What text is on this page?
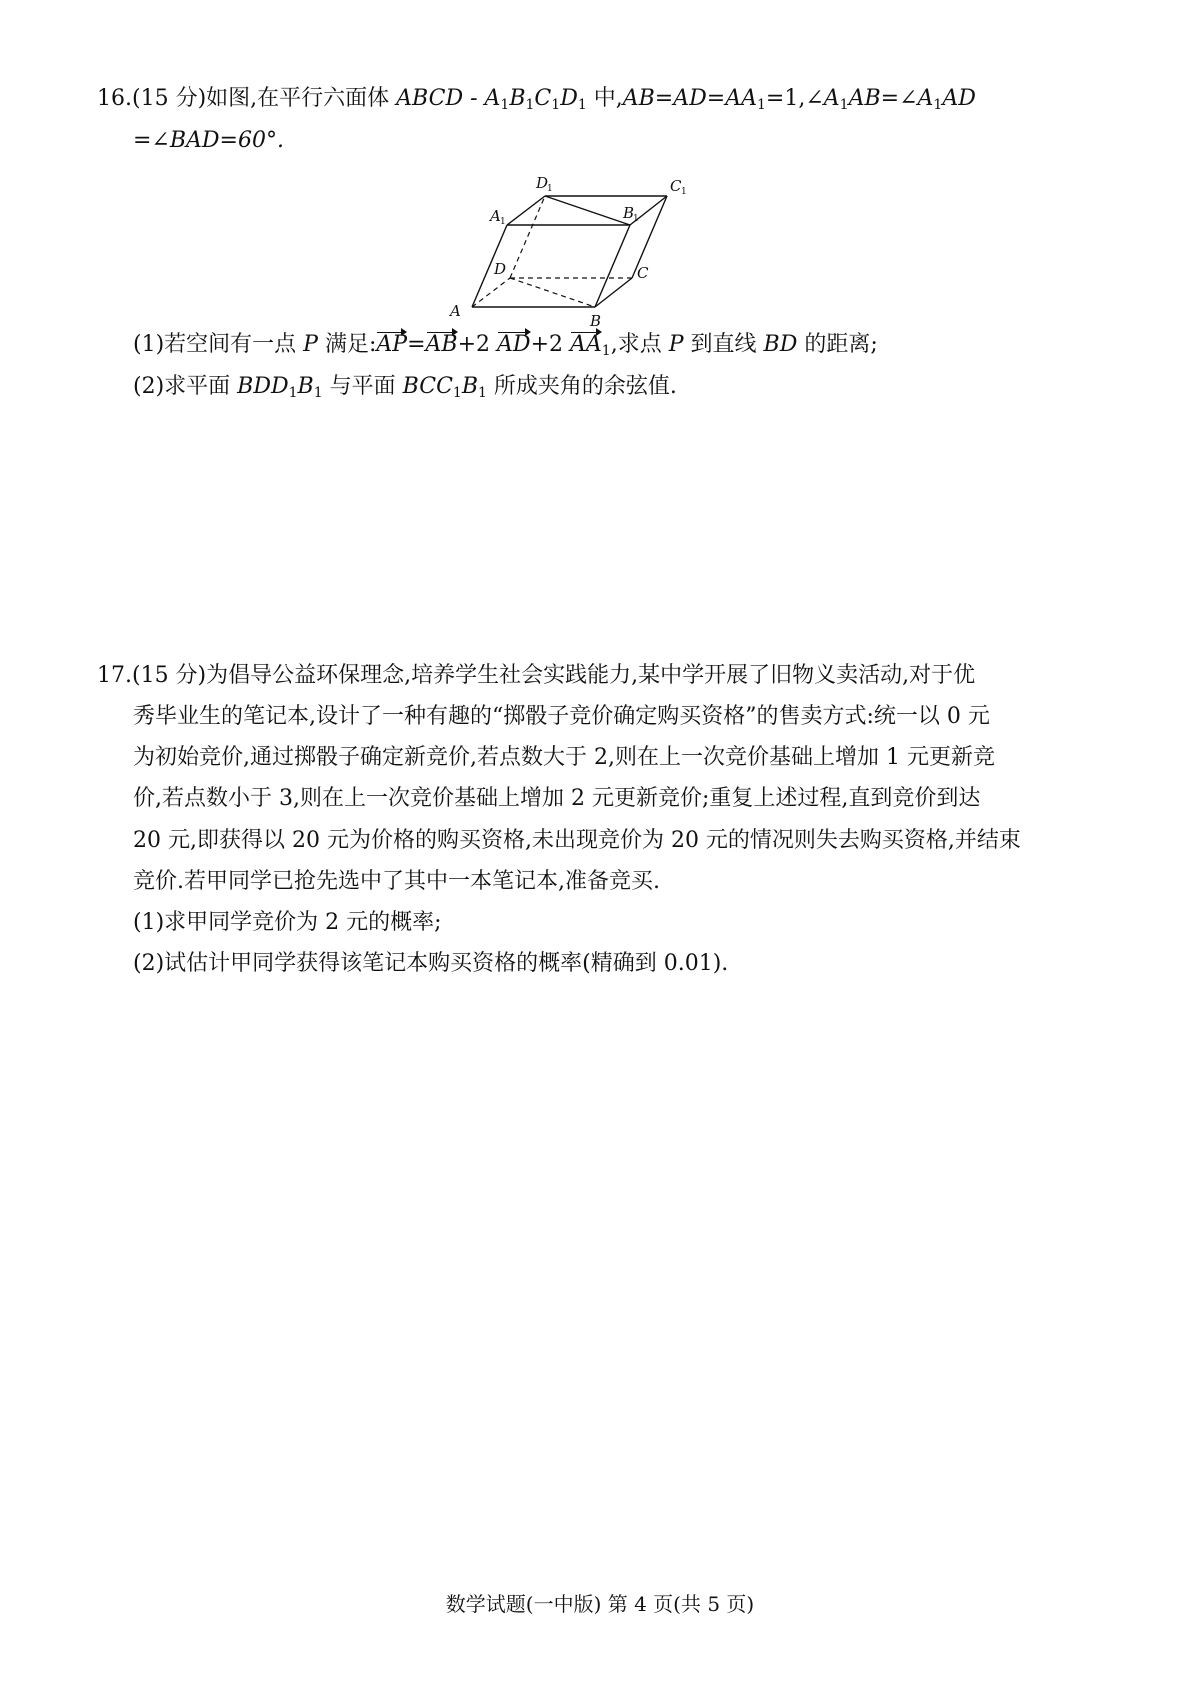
16.(15 分)如图,在平行六面体 ABCD - $A_1B_1C_1D_1$ 中$,AB=AD=AA_1=1,\angle A_1AB=\angle A_1AD$
=∠BAD=60°.
D
1	C 1
A 1	B
1
D	C
A
B
(1)若空间有一点 P 满足:AP=AB+2 AD+2 $AA_1$,求点 P 到直线 BD 的距离;
(2)求平面 $BDD_1B_1$ 与平面 $BCC_1B_1$ 所成夹角的余弦值.
17.(15 分)为倡导公益环保理念,培养学生社会实践能力,某中学开展了旧物义卖活动,对于优
秀毕业生的笔记本,设计了一种有趣的“掷骰子竞价确定购买资格”的售卖方式:统一以 0 元
为初始竞价,通过掷骰子确定新竞价,若点数大于 2,则在上一次竞价基础上增加 1 元更新竞
价,若点数小于 3,则在上一次竞价基础上增加 2 元更新竞价;重复上述过程,直到竞价到达
20 元,即获得以 20 元为价格的购买资格,未出现竞价为 20 元的情况则失去购买资格,并结束
竞价.若甲同学已抢先选中了其中一本笔记本,准备竞买.
(1)求甲同学竞价为 2 元的概率;
(2)试估计甲同学获得该笔记本购买资格的概率(精确到 0.01).
数学试题(一中版) 第 4 页(共 5 页)
